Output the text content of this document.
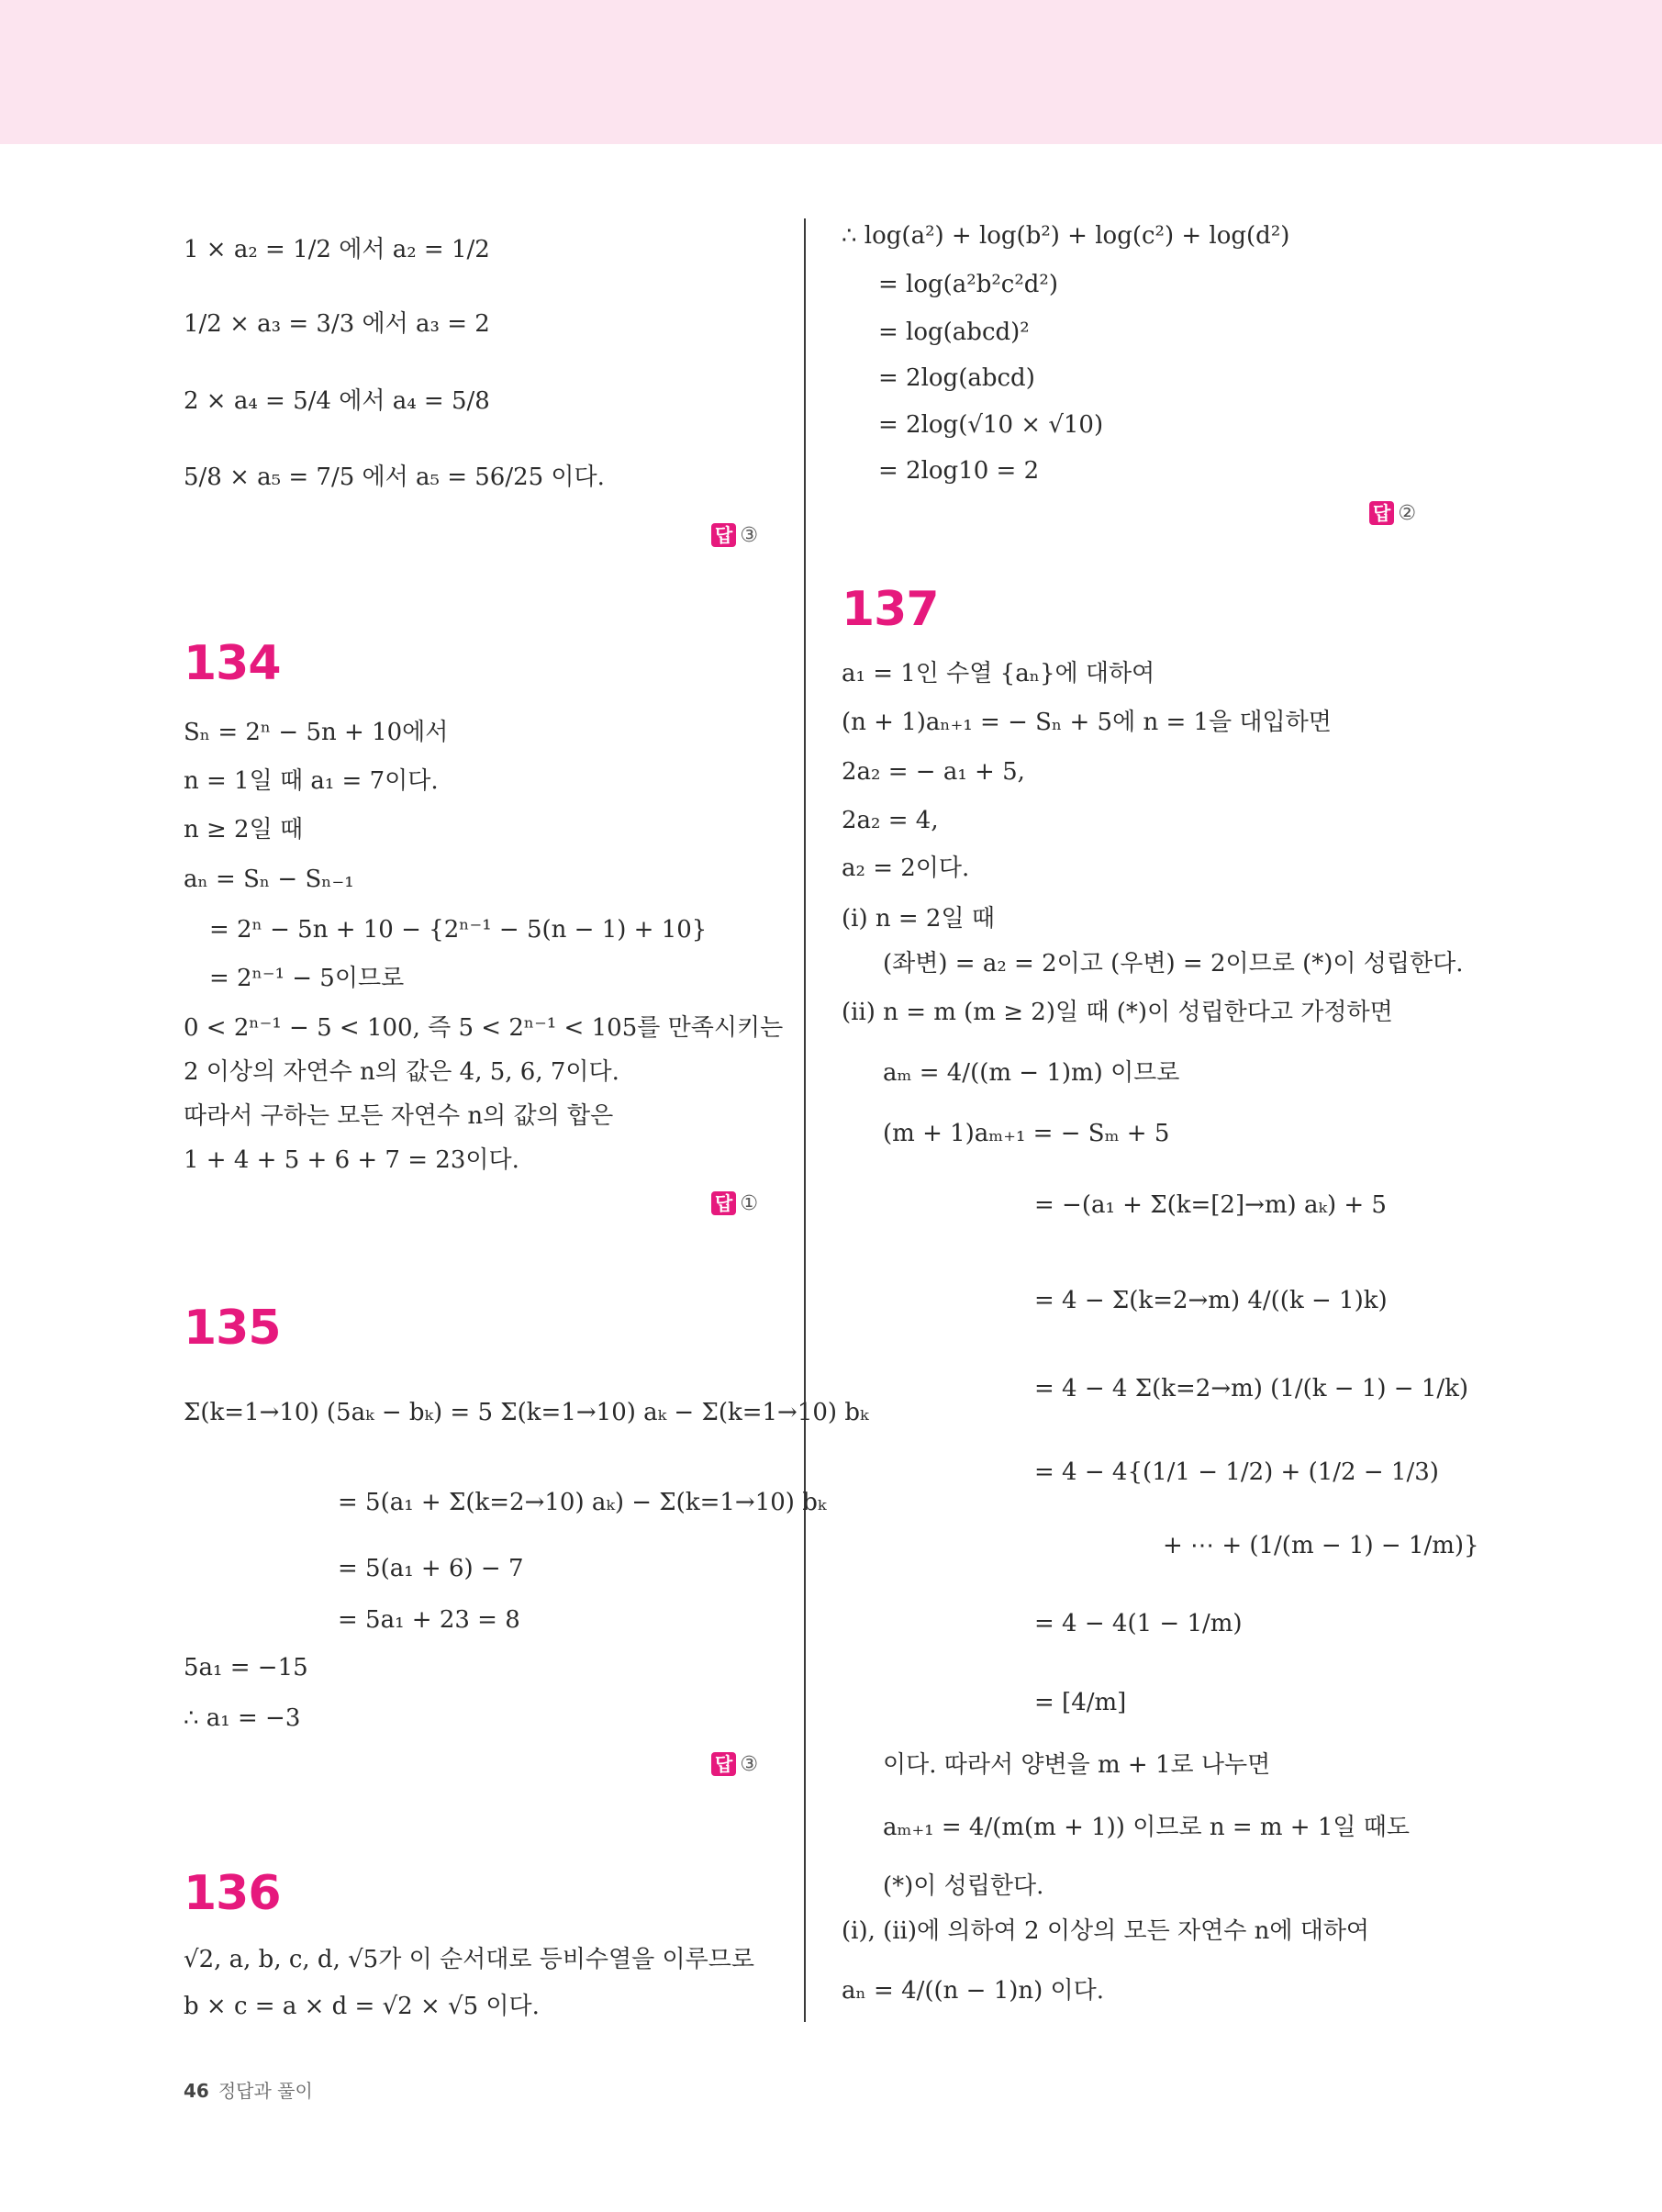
1 × a₂ = 1/2 에서 a₂ = 1/2
1/2 × a₃ = 3/3 에서 a₃ = 2
2 × a₄ = 5/4 에서 a₄ = 5/8
5/8 × a₅ = 7/5 에서 a₅ = 56/25 이다.
답 ③
134
Sₙ = 2ⁿ − 5n + 10에서
n = 1일 때 a₁ = 7이다.
n ≥ 2일 때
aₙ = Sₙ − Sₙ₋₁
= 2ⁿ − 5n + 10 − {2ⁿ⁻¹ − 5(n − 1) + 10}
= 2ⁿ⁻¹ − 5이므로
0 < 2ⁿ⁻¹ − 5 < 100, 즉 5 < 2ⁿ⁻¹ < 105를 만족시키는
2 이상의 자연수 n의 값은 4, 5, 6, 7이다.
따라서 구하는 모든 자연수 n의 값의 합은
1 + 4 + 5 + 6 + 7 = 23이다.
답 ①
135
Σ(k=1→10) (5aₖ − bₖ) = 5 Σ(k=1→10) aₖ − Σ(k=1→10) bₖ
= 5(a₁ + Σ(k=2→10) aₖ) − Σ(k=1→10) bₖ
= 5(a₁ + 6) − 7
= 5a₁ + 23 = 8
5a₁ = −15
∴ a₁ = −3
답 ③
136
√2, a, b, c, d, √5가 이 순서대로 등비수열을 이루므로
b × c = a × d = √2 × √5 이다.
∴ log(a²) + log(b²) + log(c²) + log(d²)
= log(a²b²c²d²)
= log(abcd)²
= 2log(abcd)
= 2log(√10 × √10)
= 2log10 = 2
답 ②
137
a₁ = 1인 수열 {aₙ}에 대하여
(n + 1)aₙ₊₁ = − Sₙ + 5에 n = 1을 대입하면
2a₂ = − a₁ + 5,
2a₂ = 4,
a₂ = 2이다.
(ⅰ) n = 2일 때
(좌변) = a₂ = 2이고 (우변) = 2이므로 (*)이 성립한다.
(ⅱ) n = m (m ≥ 2)일 때 (*)이 성립한다고 가정하면
aₘ = 4/((m − 1)m) 이므로
(m + 1)aₘ₊₁ = − Sₘ + 5
= −(a₁ + Σ(k=[2]→m) aₖ) + 5
= 4 − Σ(k=2→m) 4/((k − 1)k)
= 4 − 4 Σ(k=2→m) (1/(k − 1) − 1/k)
= 4 − 4{(1/1 − 1/2) + (1/2 − 1/3)
+ ⋯ + (1/(m − 1) − 1/m)}
= 4 − 4(1 − 1/m)
= [4/m]
이다. 따라서 양변을 m + 1로 나누면
aₘ₊₁ = 4/(m(m + 1)) 이므로 n = m + 1일 때도
(*)이 성립한다.
(ⅰ), (ⅱ)에 의하여 2 이상의 모든 자연수 n에 대하여
aₙ = 4/((n − 1)n) 이다.
46 정답과 풀이
